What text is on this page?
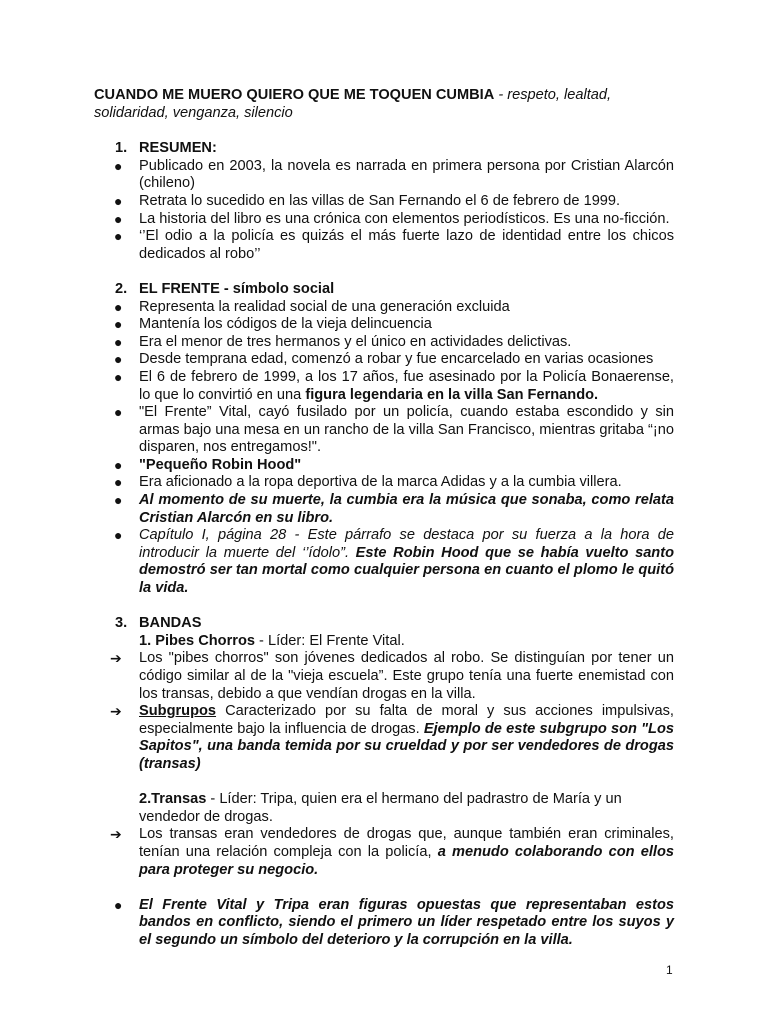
CUANDO ME MUERO QUIERO QUE ME TOQUEN CUMBIA - respeto, lealtad, solidaridad, venganza, silencio
1. RESUMEN:
● Publicado en 2003, la novela es narrada en primera persona por Cristian Alarcón (chileno)
● Retrata lo sucedido en las villas de San Fernando el 6 de febrero de 1999.
● La historia del libro es una crónica con elementos periodísticos. Es una no-ficción.
● ‘’El odio a la policía es quizás el más fuerte lazo de identidad entre los chicos dedicados al robo’’
2. EL FRENTE - símbolo social
● Representa la realidad social de una generación excluida
● Mantenía los códigos de la vieja delincuencia
● Era el menor de tres hermanos y el único en actividades delictivas.
● Desde temprana edad, comenzó a robar y fue encarcelado en varias ocasiones
● El 6 de febrero de 1999, a los 17 años, fue asesinado por la Policía Bonaerense, lo que lo convirtió en una figura legendaria en la villa San Fernando.
● "El Frente” Vital, cayó fusilado por un policía, cuando estaba escondido y sin armas bajo una mesa en un rancho de la villa San Francisco, mientras gritaba “¡no disparen, nos entregamos!".
● "Pequeño Robin Hood"
● Era aficionado a la ropa deportiva de la marca Adidas y a la cumbia villera.
● Al momento de su muerte, la cumbia era la música que sonaba, como relata Cristian Alarcón en su libro.
● Capítulo I, página 28 - Este párrafo se destaca por su fuerza a la hora de introducir la muerte del ‘’ídolo”. Este Robin Hood que se había vuelto santo demostró ser tan mortal como cualquier persona en cuanto el plomo le quitó la vida.
3. BANDAS
1. Pibes Chorros - Líder: El Frente Vital.
➔ Los "pibes chorros" son jóvenes dedicados al robo. Se distinguían por tener un código similar al de la "vieja escuela”. Este grupo tenía una fuerte enemistad con los transas, debido a que vendían drogas en la villa.
➔ Subgrupos Caracterizado por su falta de moral y sus acciones impulsivas, especialmente bajo la influencia de drogas. Ejemplo de este subgrupo son "Los Sapitos", una banda temida por su crueldad y por ser vendedores de drogas (transas)
2.Transas - Líder: Tripa, quien era el hermano del padrastro de María y un vendedor de drogas.
➔ Los transas eran vendedores de drogas que, aunque también eran criminales, tenían una relación compleja con la policía, a menudo colaborando con ellos para proteger su negocio.
● El Frente Vital y Tripa eran figuras opuestas que representaban estos bandos en conflicto, siendo el primero un líder respetado entre los suyos y el segundo un símbolo del deterioro y la corrupción en la villa.
1
